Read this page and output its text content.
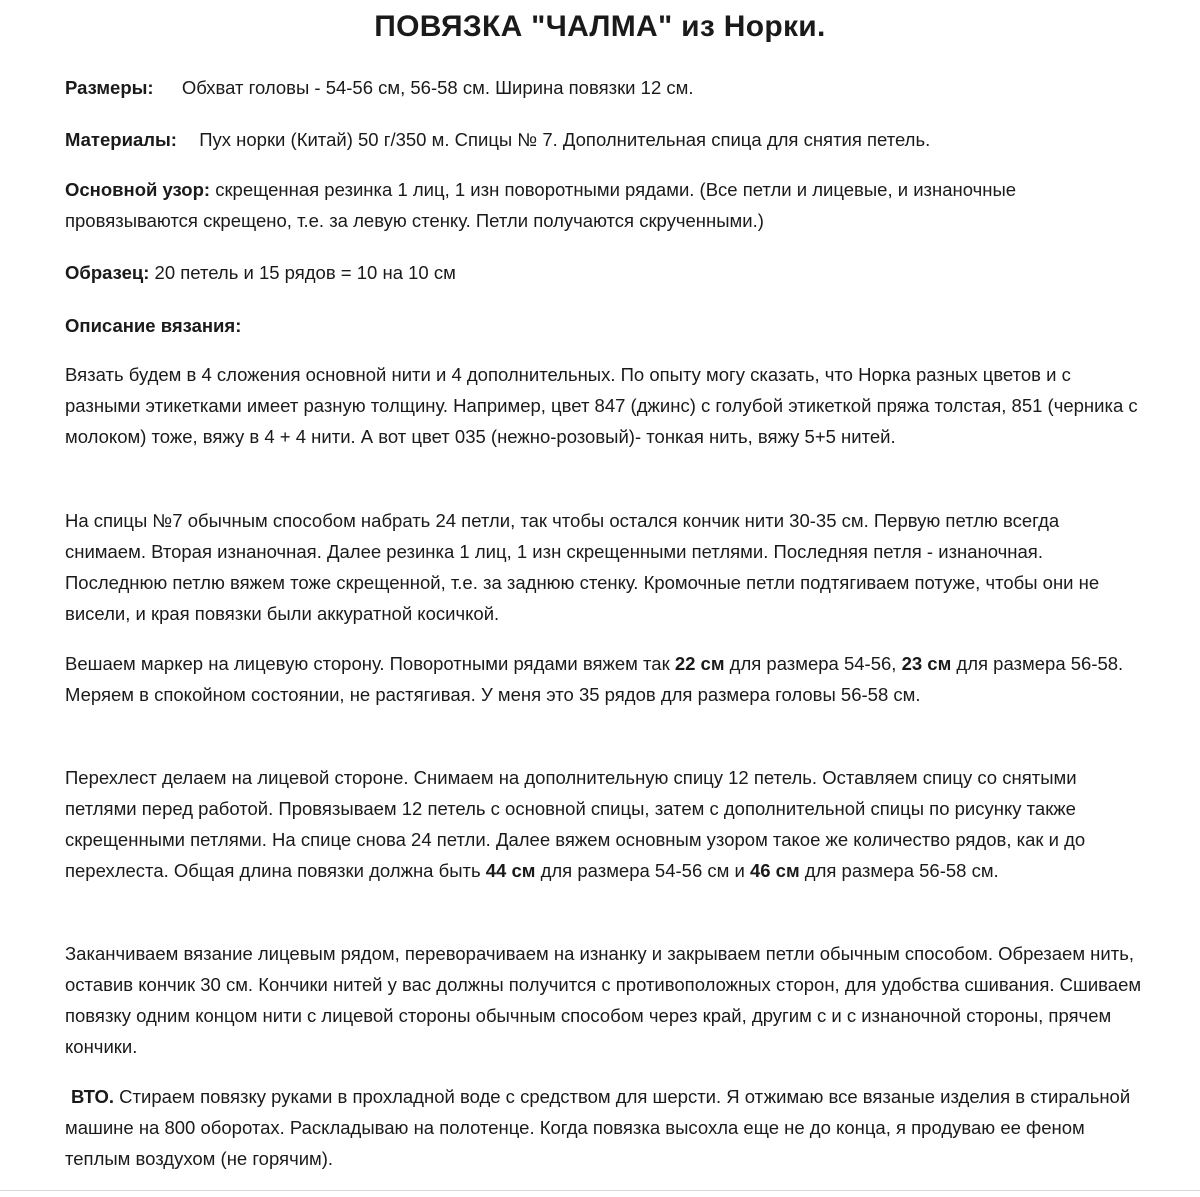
ПОВЯЗКА "ЧАЛМА" из Норки.
Размеры: Обхват головы - 54-56 см, 56-58 см. Ширина повязки 12 см.
Материалы: Пух норки (Китай) 50 г/350 м. Спицы № 7. Дополнительная спица для снятия петель.
Основной узор: скрещенная резинка 1 лиц, 1 изн поворотными рядами. (Все петли и лицевые, и изнаночные провязываются скрещено, т.е. за левую стенку. Петли получаются скрученными.)
Образец: 20 петель и 15 рядов = 10 на 10 см
Описание вязания:
Вязать будем в 4 сложения основной нити и 4 дополнительных. По опыту могу сказать, что Норка разных цветов и с разными этикетками имеет разную толщину. Например, цвет 847 (джинс) с голубой этикеткой пряжа толстая, 851 (черника с молоком) тоже, вяжу в 4 + 4 нити. А вот цвет 035 (нежно-розовый)- тонкая нить, вяжу 5+5 нитей.
На спицы №7 обычным способом набрать 24 петли, так чтобы остался кончик нити 30-35 см. Первую петлю всегда снимаем. Вторая изнаночная. Далее резинка 1 лиц, 1 изн скрещенными петлями. Последняя петля - изнаночная. Последнюю петлю вяжем тоже скрещенной, т.е. за заднюю стенку. Кромочные петли подтягиваем потуже, чтобы они не висели, и края повязки были аккуратной косичкой.
Вешаем маркер на лицевую сторону. Поворотными рядами вяжем так 22 см для размера 54-56, 23 см для размера 56-58. Меряем в спокойном состоянии, не растягивая. У меня это 35 рядов для размера головы 56-58 см.
Перехлест делаем на лицевой стороне. Снимаем на дополнительную спицу 12 петель. Оставляем спицу со снятыми петлями перед работой. Провязываем 12 петель с основной спицы, затем с дополнительной спицы по рисунку также скрещенными петлями. На спице снова 24 петли. Далее вяжем основным узором такое же количество рядов, как и до перехлеста. Общая длина повязки должна быть 44 см для размера 54-56 см и 46 см для размера 56-58 см.
Заканчиваем вязание лицевым рядом, переворачиваем на изнанку и закрываем петли обычным способом. Обрезаем нить, оставив кончик 30 см. Кончики нитей у вас должны получится с противоположных сторон, для удобства сшивания. Сшиваем повязку одним концом нити с лицевой стороны обычным способом через край, другим с и с изнаночной стороны, прячем кончики.
ВТО. Стираем повязку руками в прохладной воде с средством для шерсти. Я отжимаю все вязаные изделия в стиральной машине на 800 оборотах. Раскладываю на полотенце. Когда повязка высохла еще не до конца, я продуваю ее феном теплым воздухом (не горячим).
